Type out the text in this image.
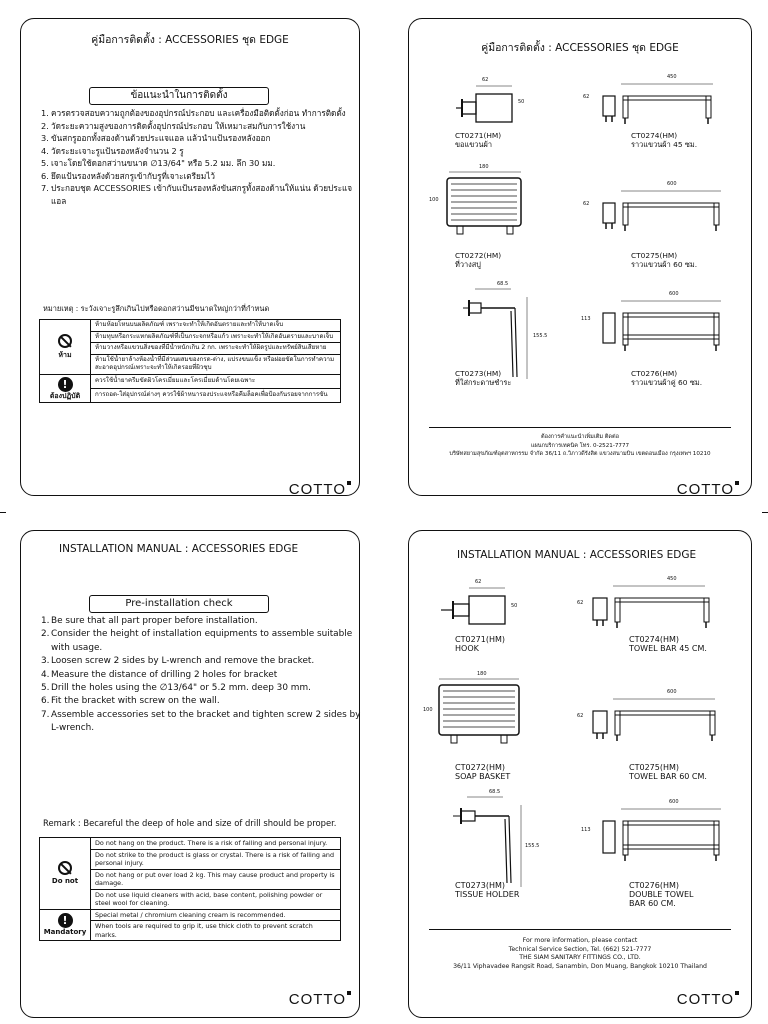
คู่มือการติดตั้ง : ACCESSORIES ชุด EDGE
ข้อแนะนำในการติดตั้ง
1. ควรตรวจสอบความถูกต้องของอุปกรณ์ประกอบ และเครื่องมือติดตั้งก่อน ทำการติดตั้ง
2. วัดระยะความสูงของการติดตั้งอุปกรณ์ประกอบ ให้เหมาะสมกับการใช้งาน
3. ขันสกรูออกทั้งสองด้านด้วยประแจแอล แล้วนำแป้นรองหลังออก
4. วัดระยะเจาะรูแป้นรองหลังจำนวน 2 รู
5. เจาะโดยใช้ดอกสว่านขนาด ∅13/64" หรือ 5.2 มม. ลึก 30 มม.
6. ยึดแป้นรองหลังด้วยสกรูเข้ากับรูที่เจาะเตรียมไว้
7. ประกอบชุด ACCESSORIES เข้ากับแป้นรองหลังขันสกรูทั้งสองด้านให้แน่น ด้วยประแจแอล
หมายเหตุ : ระวังเจาะรูลึกเกินไปหรือดอกสว่านมีขนาดใหญ่กว่าที่กำหนด

ห้าม	ห้ามห้อยโหนบนผลิตภัณฑ์ เพราะจะทำให้เกิดอันตรายและทำให้บาดเจ็บ
	ห้ามทุบหรือกระแทกผลิตภัณฑ์ที่เป็นกระจกหรือแก้ว เพราะจะทำให้เกิดอันตรายและบาดเจ็บ
	ห้ามวางหรือแขวนสิ่งของที่มีน้ำหนักเกิน 2 กก. เพราะจะทำให้ผิดรูปและทรัพย์สินเสียหาย
	ห้ามใช้น้ำยาล้างห้องน้ำที่มีส่วนผสมของกรด-ด่าง, แปรงขนแข็ง หรือฝอยขัดในการทำความสะอาดอุปกรณ์เพราะจะทำให้เกิดรอยที่ผิวชุบ
!
ต้องปฏิบัติ	ควรใช้น้ำยาครีมขัดผิวโครเมี่ยมและโครเมี่ยมด้านโดยเฉพาะ
	การถอด-ใส่อุปกรณ์ต่างๆ ควรใช้ผ้าหนารองประแจหรือคีมล็อคเพื่อป้องกันรอยจากการขัน
COTTO
คู่มือการติดตั้ง : ACCESSORIES ชุด EDGE
62
50
CT0271(HM)
ขอแขวนผ้า
450
62
CT0274(HM)
ราวแขวนผ้า 45 ซม.
180
100
CT0272(HM)
ที่วางสบู่
600
62
CT0275(HM)
ราวแขวนผ้า 60 ซม.
68.5
155.5
CT0273(HM)
ที่ใส่กระดาษชำระ
600
113
CT0276(HM)
ราวแขวนผ้าคู่ 60 ซม.
ต้องการคำแนะนำเพิ่มเติม ติดต่อ
แผนกบริการเทคนิค โทร. 0-2521-7777
บริษัทสยามสุขภัณฑ์อุตสาหกรรม จำกัด 36/11 ถ.วิภาวดีรังสิต แขวงสนามบิน เขตดอนเมือง กรุงเทพฯ 10210
COTTO
INSTALLATION MANUAL : ACCESSORIES EDGE
Pre-installation check
1. Be sure that all part proper before installation.
2. Consider the height of installation equipments to assemble suitable with usage.
3. Loosen screw 2 sides by L-wrench and remove the bracket.
4. Measure the distance of drilling 2 holes for bracket
5. Drill the holes using the ∅13/64" or 5.2 mm. deep 30 mm.
6. Fit the bracket with screw on the wall.
7. Assemble accessories set to the bracket and tighten screw 2 sides by L-wrench.
Remark : Becareful the deep of hole and size of drill should be proper.

Do not	Do not hang on the product. There is a risk of falling and personal injury.
	Do not strike to the product is glass or crystal. There is a risk of falling and personal injury.
	Do not hang or put over load 2 kg. This may cause product and property is damage.
	Do not use liquid cleaners with acid, base content, polishing powder or steel wool for cleaning.
!
Mandatory	Special metal / chromium cleaning cream is recommended.
	When tools are required to grip it, use thick cloth to prevent scratch marks.
COTTO
INSTALLATION MANUAL : ACCESSORIES EDGE
62
50
CT0271(HM)
HOOK
450
62
CT0274(HM)
TOWEL BAR 45 CM.
180
100
CT0272(HM)
SOAP BASKET
600
62
CT0275(HM)
TOWEL BAR 60 CM.
68.5
155.5
CT0273(HM)
TISSUE HOLDER
600
113
CT0276(HM)
DOUBLE TOWEL BAR 60 CM.
For more information, please contact
Technical Service Section, Tel. (662) 521-7777
THE SIAM SANITARY FITTINGS CO., LTD.
36/11 Viphavadee Rangsit Road, Sanambin, Don Muang, Bangkok 10210 Thailand
COTTO
